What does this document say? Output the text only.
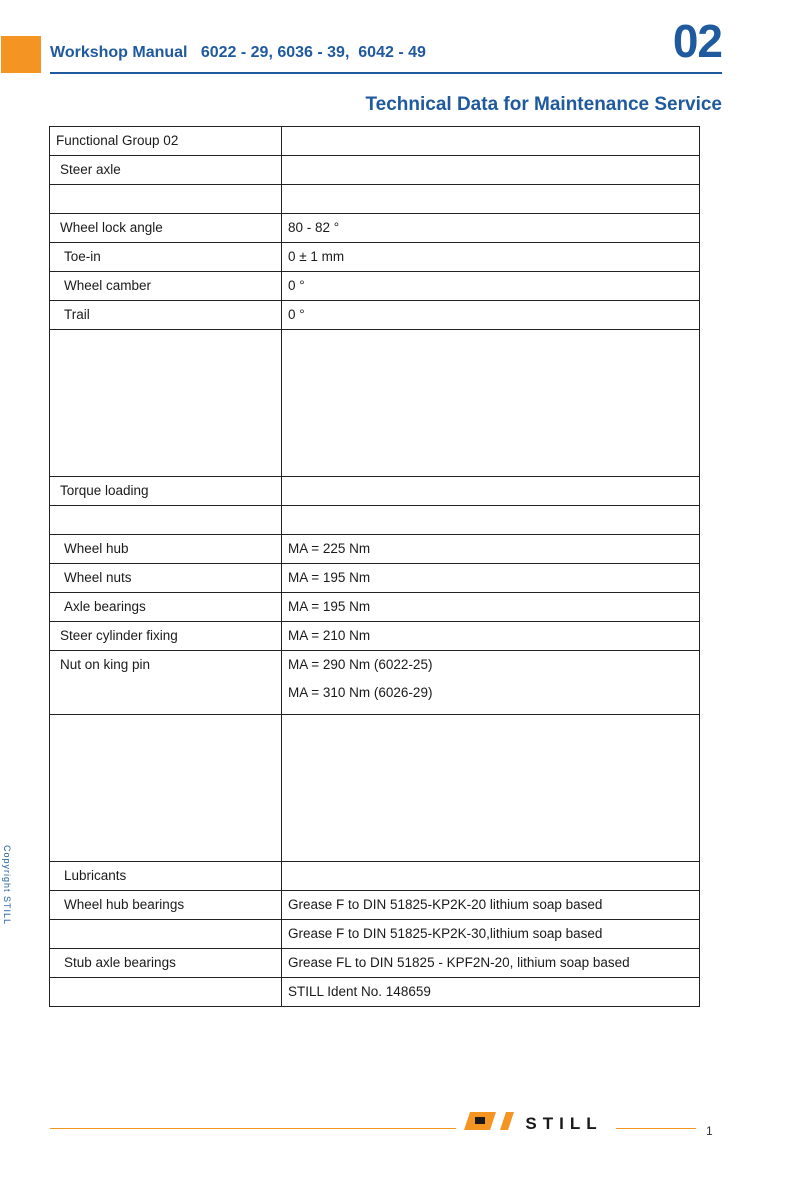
Workshop Manual   6022 - 29, 6036 - 39,  6042 - 49	02
Technical Data for Maintenance Service
Copyright STILL
Functional Group 02	
Steer axle	

Wheel lock angle	80 - 82 °
Toe-in	0 ± 1 mm
Wheel camber	0 °
Trail	0 °

Torque loading	

Wheel hub	MA = 225 Nm
Wheel nuts	MA = 195 Nm
Axle bearings	MA = 195 Nm
Steer cylinder fixing	MA = 210 Nm
Nut on king pin	MA = 290 Nm (6022-25)
MA = 310 Nm (6026-29)

Lubricants	
Wheel hub bearings	Grease F to DIN 51825-KP2K-20 lithium soap based
	Grease F to DIN 51825-KP2K-30,lithium soap based
Stub axle bearings	Grease FL to DIN 51825 - KPF2N-20, lithium soap based
	STILL Ident No. 148659
STILL	1
